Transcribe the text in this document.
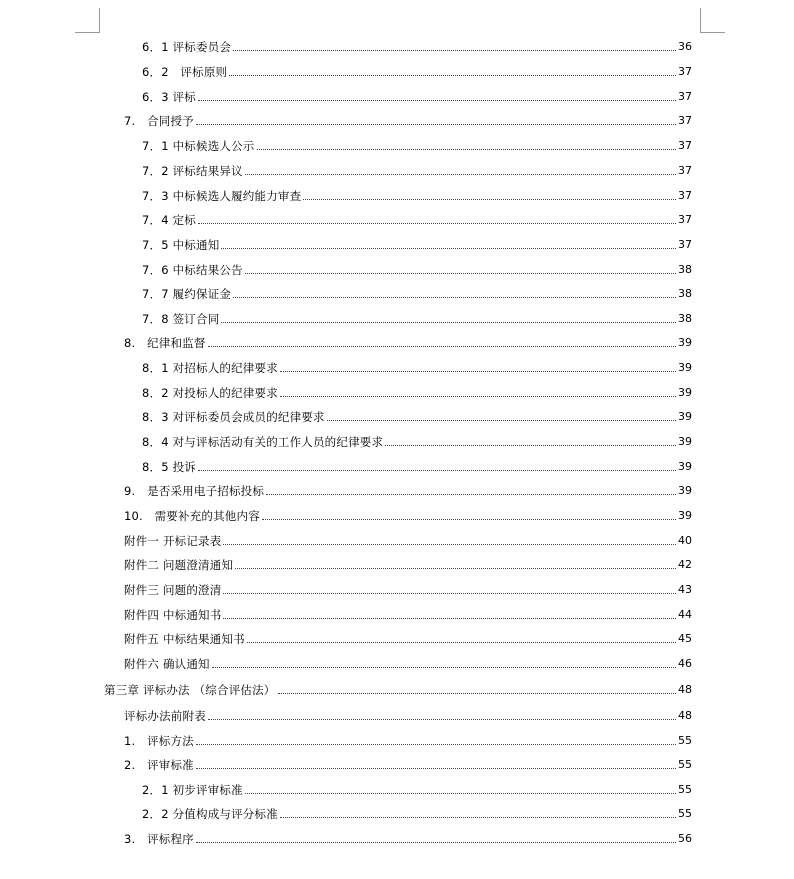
6．1 评标委员会	36
6．2　评标原则	37
6．3 评标	37
7.　合同授予	37
7．1 中标候选人公示	37
7．2 评标结果异议	37
7．3 中标候选人履约能力审查	37
7．4 定标	37
7．5 中标通知	37
7．6 中标结果公告	38
7．7 履约保证金	38
7．8 签订合同	38
8.　纪律和监督	39
8．1 对招标人的纪律要求	39
8．2 对投标人的纪律要求	39
8．3 对评标委员会成员的纪律要求	39
8．4 对与评标活动有关的工作人员的纪律要求	39
8．5 投诉	39
9.　是否采用电子招标投标	39
10.　需要补充的其他内容	39
附件一 开标记录表	40
附件二 问题澄清通知	42
附件三 问题的澄清	43
附件四 中标通知书	44
附件五 中标结果通知书	45
附件六 确认通知	46
第三章 评标办法 （综合评估法）	48
评标办法前附表	48
1.　评标方法	55
2.　评审标准	55
2．1 初步评审标准	55
2．2 分值构成与评分标准	55
3.　评标程序	56
